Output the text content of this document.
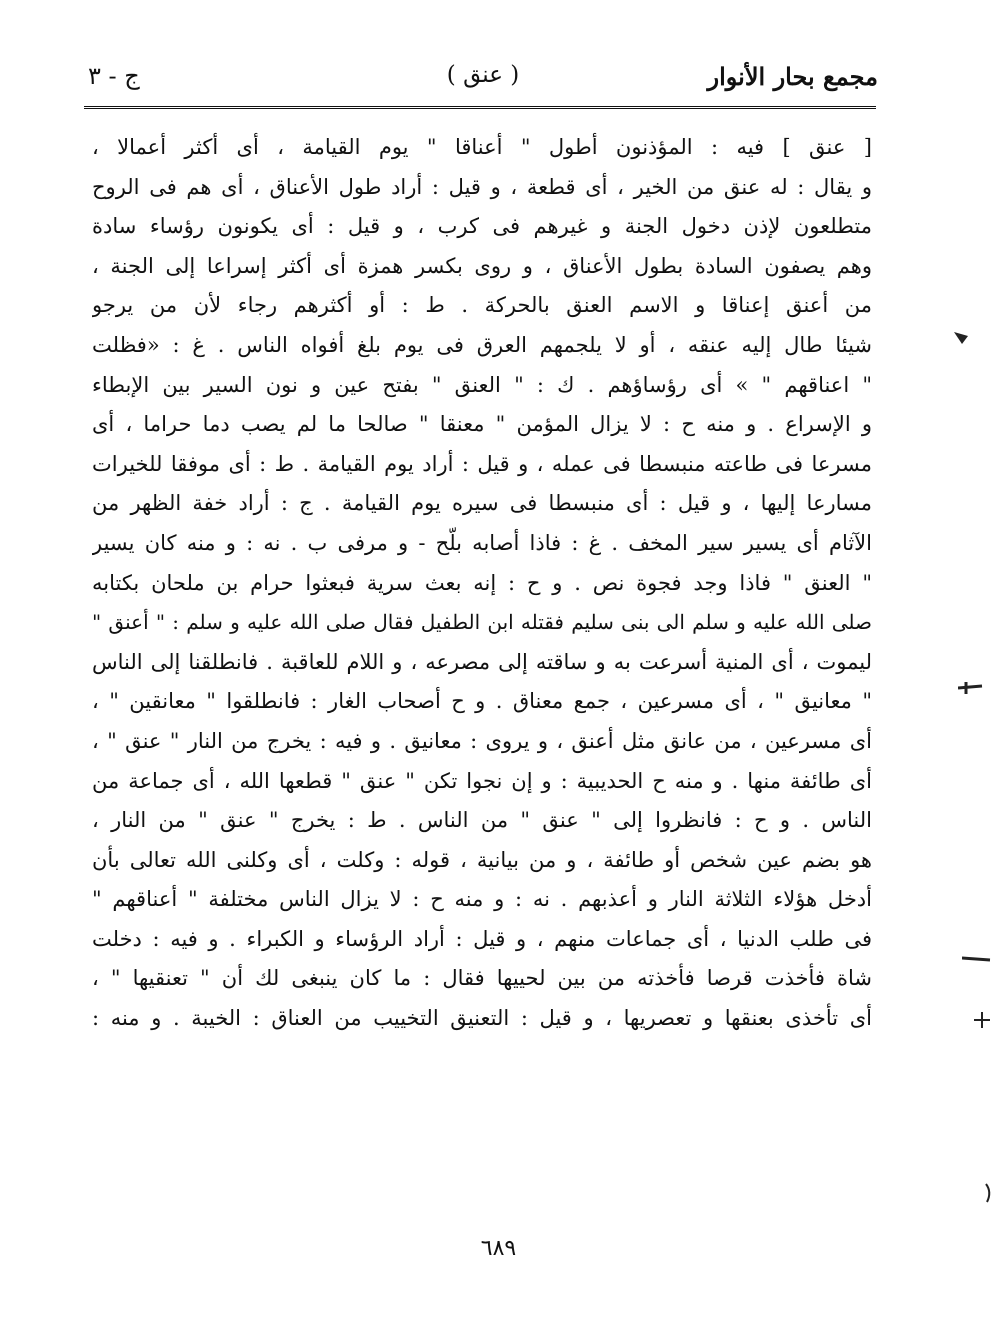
مجمع بحار الأنوار
( عنق )
ج - ٣
[ عنق ] فيه : المؤذنون أطول " أعناقا " يوم القيامة ، أى أكثر أعمالا ،
و يقال : له عنق من الخير ، أى قطعة ، و قيل : أراد طول الأعناق ، أى هم فى الروح
متطلعون لإذن دخول الجنة و غيرهم فى كرب ، و قيل : أى يكونون رؤساء سادة
وهم يصفون السادة بطول الأعناق ، و روى بكسر همزة أى أكثر إسراعا إلى الجنة ،
من أعنق إعناقا و الاسم العنق بالحركة . ط : أو أكثرهم رجاء لأن من يرجو
شيئا طال إليه عنقه ، أو لا يلجمهم العرق فى يوم بلغ أفواه الناس . غ : «فظلت
" اعناقهم " » أى رؤساؤهم . ك : " العنق " بفتح عين و نون السير بين الإبطاء
و الإسراع . و منه ح : لا يزال المؤمن " معنقا " صالحا ما لم يصب دما حراما ، أى
مسرعا فى طاعته منبسطا فى عمله ، و قيل : أراد يوم القيامة . ط : أى موفقا للخيرات
مسارعا إليها ، و قيل : أى منبسطا فى سيره يوم القيامة . ج : أراد خفة الظهر من
الآثام أى يسير سير المخف . غ : فاذا أصابه بلّح - و مرفى ب . نه : و منه كان يسير
" العنق " فاذا وجد فجوة نص . و ح : إنه بعث سرية فبعثوا حرام بن ملحان بكتابه
صلى الله عليه و سلم الى بنى سليم فقتله ابن الطفيل فقال صلى الله عليه و سلم : " أعنق "
ليموت ، أى المنية أسرعت به و ساقته إلى مصرعه ، و اللام للعاقبة . فانطلقنا إلى الناس
" معانيق " ، أى مسرعين ، جمع معناق . و ح أصحاب الغار : فانطلقوا " معانقين " ،
أى مسرعين ، من عانق مثل أعنق ، و يروى : معانيق . و فيه : يخرج من النار " عنق " ،
أى طائفة منها . و منه ح الحديبية : و إن نجوا تكن " عنق " قطعها الله ، أى جماعة من
الناس . و ح : فانظروا إلى " عنق " من الناس . ط : يخرج " عنق " من النار ،
هو بضم عين شخص أو طائفة ، و من بيانية ، قوله : وكلت ، أى وكلنى الله تعالى بأن
أدخل هؤلاء الثلاثة النار و أعذبهم . نه : و منه ح : لا يزال الناس مختلفة " أعناقهم "
فى طلب الدنيا ، أى جماعات منهم ، و قيل : أراد الرؤساء و الكبراء . و فيه : دخلت
شاة فأخذت قرصا فأخذته من بين لحييها فقال : ما كان ينبغى لك أن " تعنقيها " ،
أى تأخذى بعنقها و تعصريها ، و قيل : التعنيق التخييب من العناق : الخيبة . و منه :
٦٨٩
